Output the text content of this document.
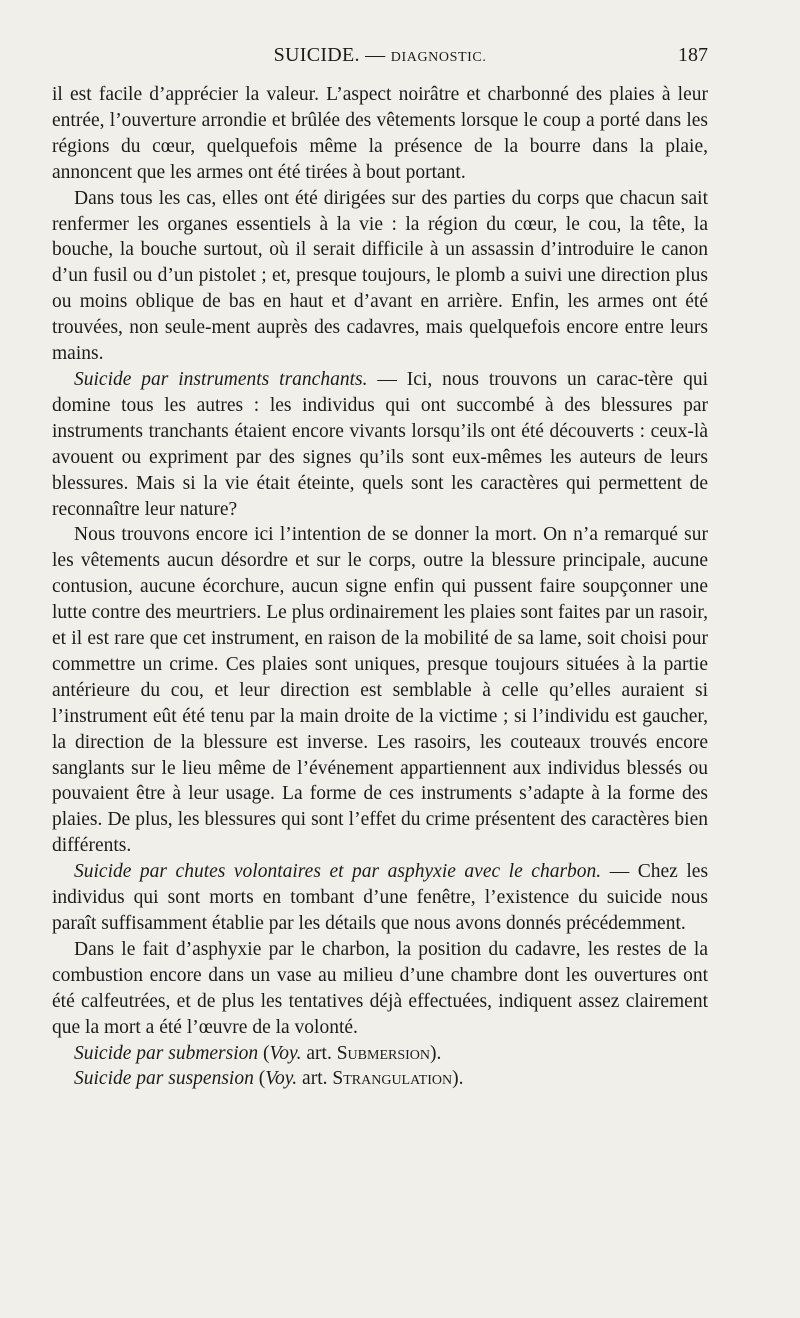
SUICIDE. — DIAGNOSTIC.	187

il est facile d’apprécier la valeur. L’aspect noirâtre et charbonné des plaies à leur entrée, l’ouverture arrondie et brûlée des vêtements lorsque le coup a porté dans les régions du cœur, quelquefois même la présence de la bourre dans la plaie, annoncent que les armes ont été tirées à bout portant.

Dans tous les cas, elles ont été dirigées sur des parties du corps que chacun sait renfermer les organes essentiels à la vie : la région du cœur, le cou, la tête, la bouche, la bouche surtout, où il serait difficile à un assassin d’introduire le canon d’un fusil ou d’un pistolet ; et, presque toujours, le plomb a suivi une direction plus ou moins oblique de bas en haut et d’avant en arrière. Enfin, les armes ont été trouvées, non seule-ment auprès des cadavres, mais quelquefois encore entre leurs mains.

Suicide par instruments tranchants. — Ici, nous trouvons un carac-tère qui domine tous les autres : les individus qui ont succombé à des blessures par instruments tranchants étaient encore vivants lorsqu’ils ont été découverts : ceux-là avouent ou expriment par des signes qu’ils sont eux-mêmes les auteurs de leurs blessures. Mais si la vie était éteinte, quels sont les caractères qui permettent de reconnaître leur nature?

Nous trouvons encore ici l’intention de se donner la mort. On n’a remarqué sur les vêtements aucun désordre et sur le corps, outre la blessure principale, aucune contusion, aucune écorchure, aucun signe enfin qui pussent faire soupçonner une lutte contre des meurtriers. Le plus ordinairement les plaies sont faites par un rasoir, et il est rare que cet instrument, en raison de la mobilité de sa lame, soit choisi pour commettre un crime. Ces plaies sont uniques, presque toujours situées à la partie antérieure du cou, et leur direction est semblable à celle qu’elles auraient si l’instrument eût été tenu par la main droite de la victime ; si l’individu est gaucher, la direction de la blessure est inverse. Les rasoirs, les couteaux trouvés encore sanglants sur le lieu même de l’événement appartiennent aux individus blessés ou pouvaient être à leur usage. La forme de ces instruments s’adapte à la forme des plaies. De plus, les blessures qui sont l’effet du crime présentent des caractères bien différents.

Suicide par chutes volontaires et par asphyxie avec le charbon. — Chez les individus qui sont morts en tombant d’une fenêtre, l’existence du suicide nous paraît suffisamment établie par les détails que nous avons donnés précédemment.

Dans le fait d’asphyxie par le charbon, la position du cadavre, les restes de la combustion encore dans un vase au milieu d’une chambre dont les ouvertures ont été calfeutrées, et de plus les tentatives déjà effectuées, indiquent assez clairement que la mort a été l’œuvre de la volonté.

Suicide par submersion (Voy. art. Submersion).

Suicide par suspension (Voy. art. Strangulation).
